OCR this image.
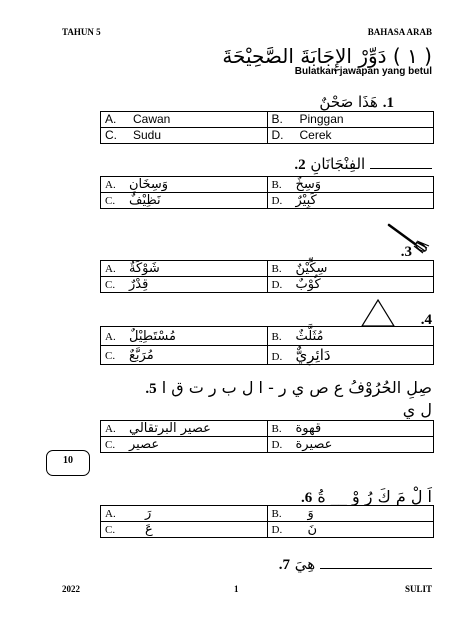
TAHUN 5	BAHASA ARAB
( ١ ) دَوِّرْ الإِجَابَةَ الصَّحِيْحَةَ
Bulatkan jawapan yang betul
1. هَذَا صَحْنٌ
A. Cawan	B. Pinggan
C. Sudu	D. Cerek
الفِنْجَانَانِ 2.
A. وَسِخَانِ	B. وَسِخٌ
C. نَظِيْفٌ	D. كَبِيْرٌ
3.
A. شَوْكَةٌ	B. سِكِّيْنٌ
C. قِدْرٌ	D. كُوْبٌ
4.
A. مُسْتَطِيْلٌ	B. مُثَلَّثٌ
C. مُرَبَّعٌ	D. دَائِرِيٌّ
صِلِ الحُرُوْفُ ع ص ي ر - ا ل ب ر ت ق ا 5.
ل ي
A. عصير البرتقالي	B. قهوة
C. عصير	D. عصيرة
10
اَ لْ مَ كَ رُ وْ __ ةُ 6.
A. رَ	B. وَ
C. عَ	D. نَ
هِيَ 7.
2022	1	SULIT
